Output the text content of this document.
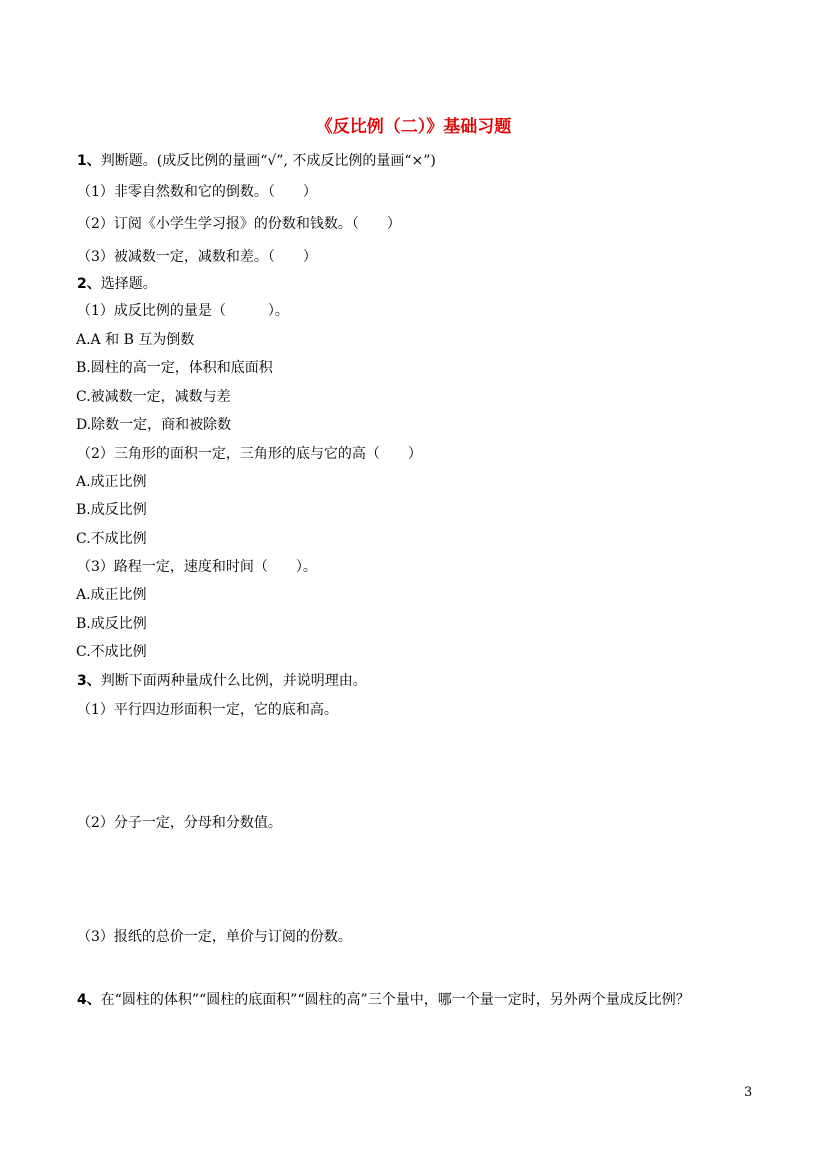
《反比例（二）》基础习题
1、判断题。(成反比例的量画“√”, 不成反比例的量画“×”)
（1）非零自然数和它的倒数。（　　）
（2）订阅《小学生学习报》的份数和钱数。（　　）
（3）被减数一定，减数和差。（　　）
2、选择题。
（1）成反比例的量是（　　　）。
A.A 和 B 互为倒数
B.圆柱的高一定，体积和底面积
C.被减数一定，减数与差
D.除数一定，商和被除数
（2）三角形的面积一定，三角形的底与它的高（　　）
A.成正比例
B.成反比例
C.不成比例
（3）路程一定，速度和时间（　　）。
A.成正比例
B.成反比例
C.不成比例
3、判断下面两种量成什么比例，并说明理由。
（1）平行四边形面积一定，它的底和高。
（2）分子一定，分母和分数值。
（3）报纸的总价一定，单价与订阅的份数。
4、在“圆柱的体积”“圆柱的底面积”“圆柱的高”三个量中，哪一个量一定时，另外两个量成反比例？
3
